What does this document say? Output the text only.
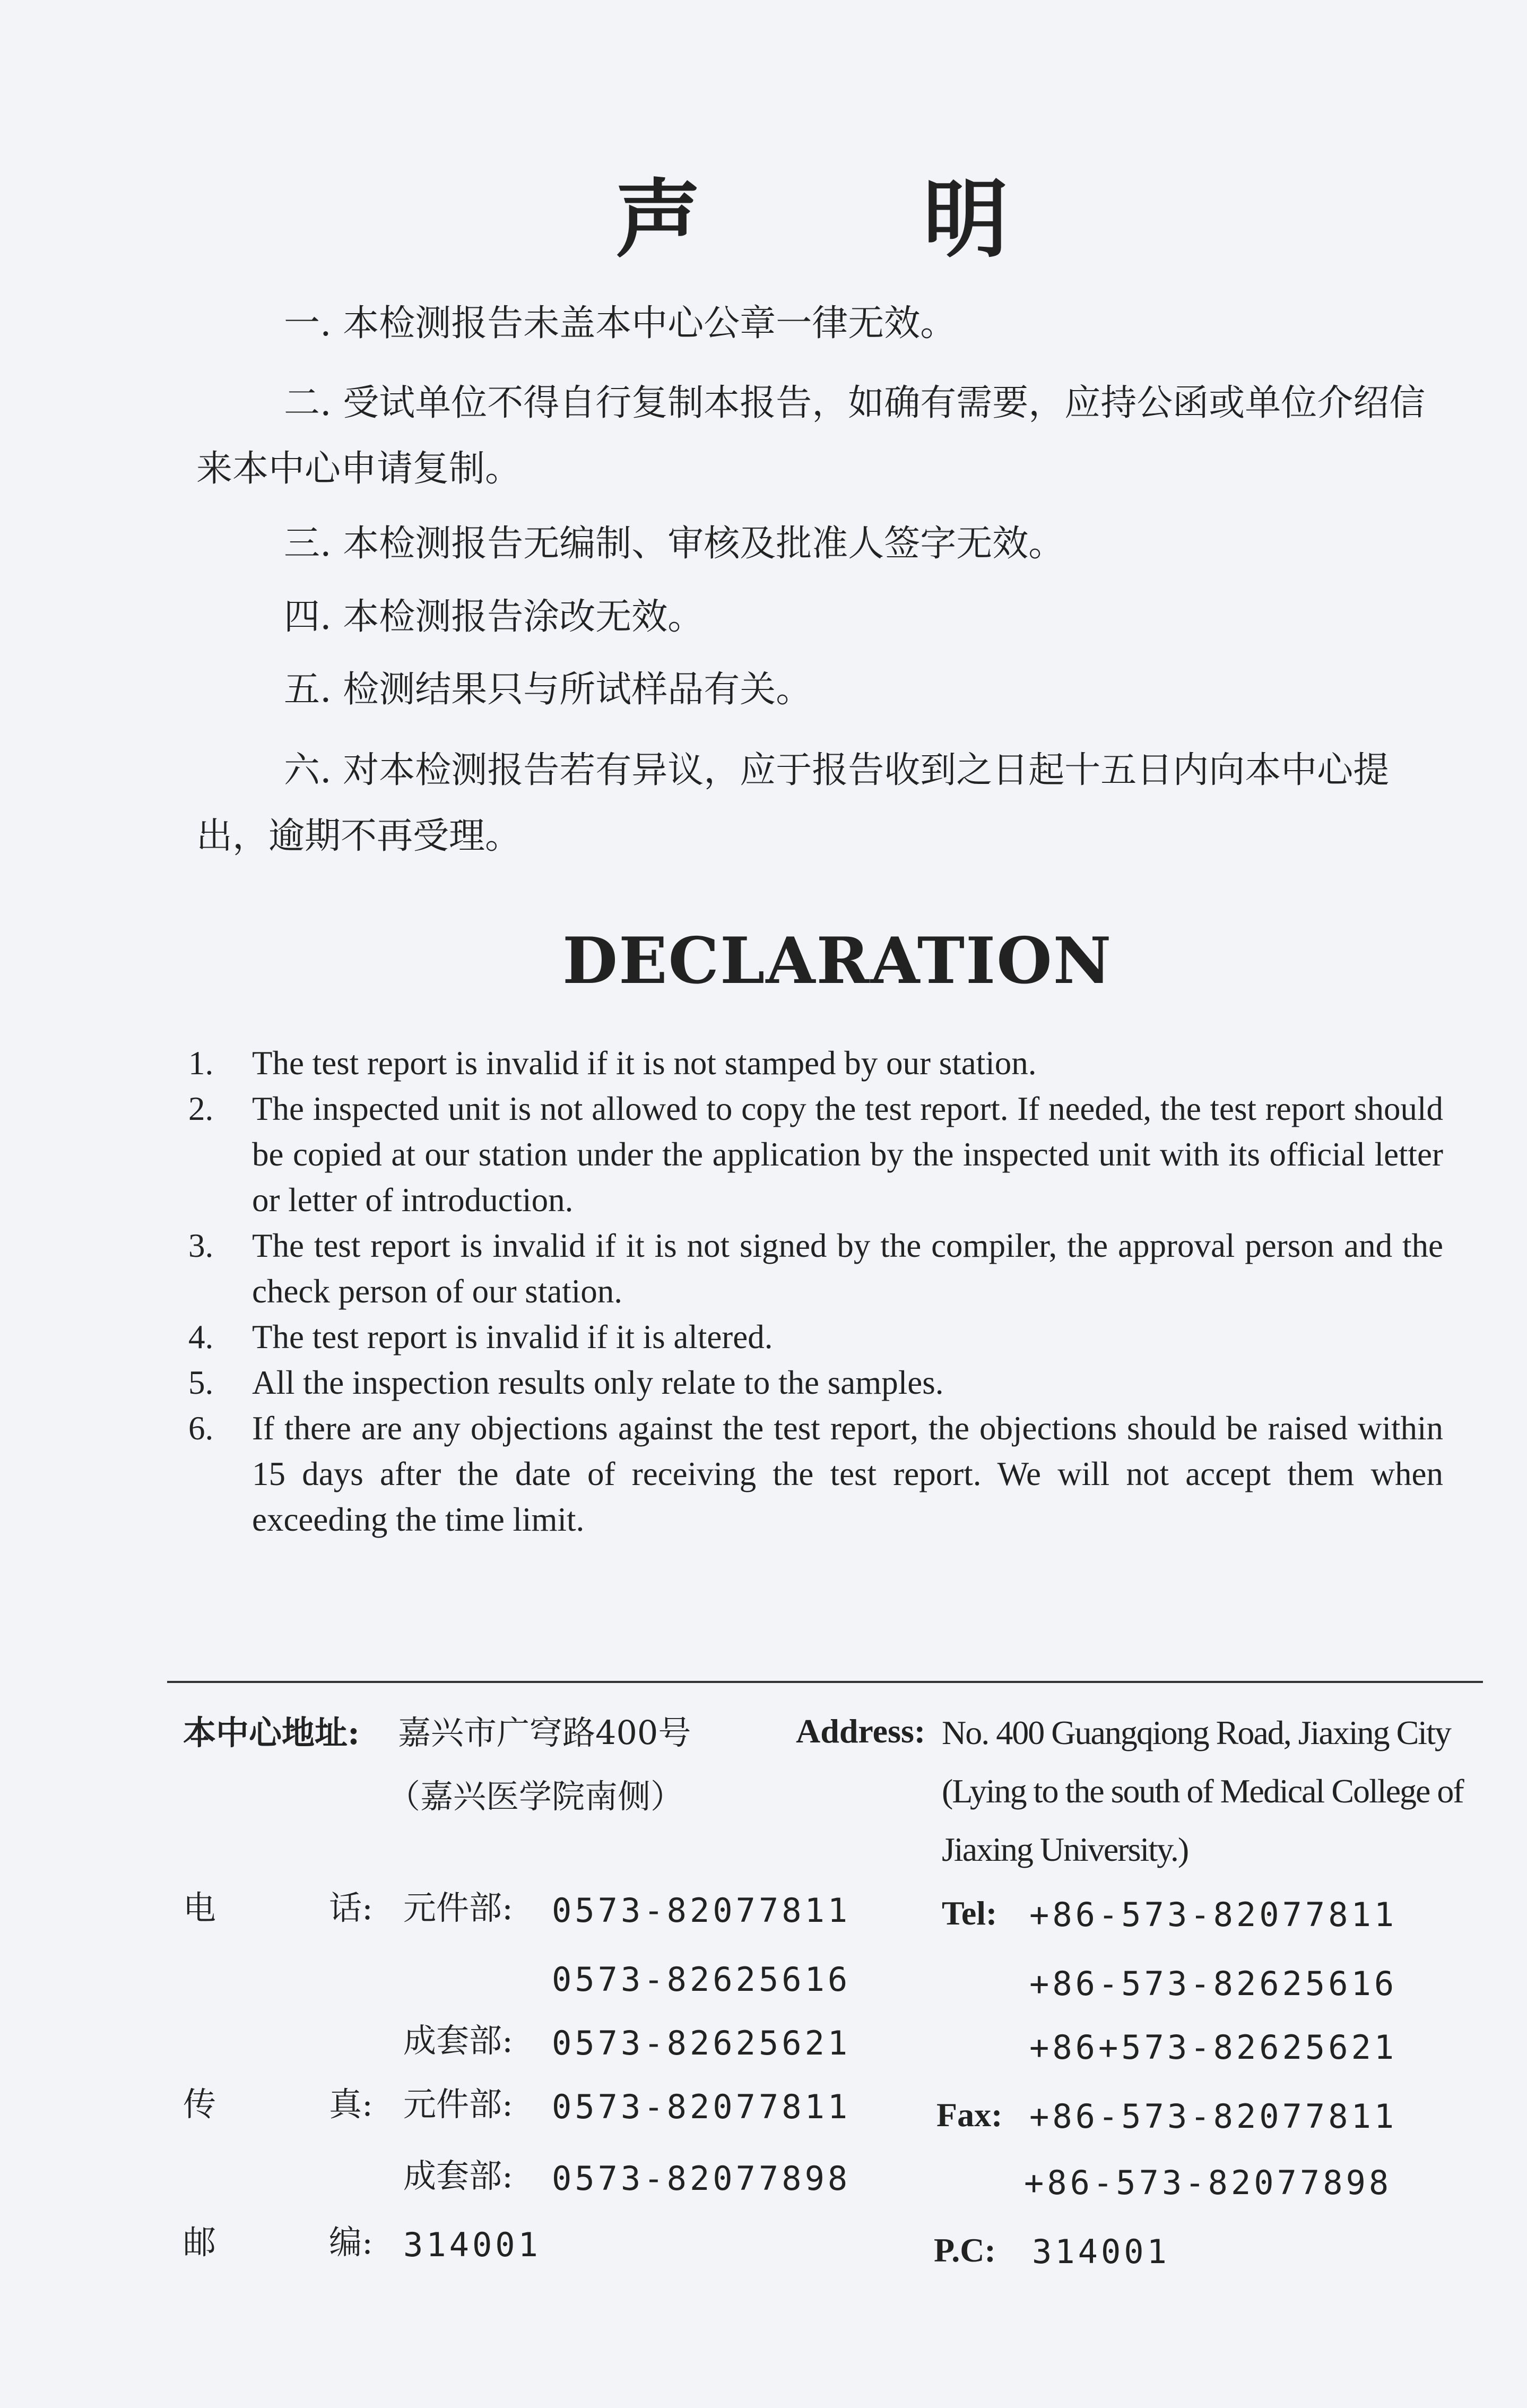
声	明
一. 本检测报告未盖本中心公章一律无效。
二. 受试单位不得自行复制本报告，如确有需要，应持公函或单位介绍信来本中心申请复制。
三. 本检测报告无编制、审核及批准人签字无效。
四. 本检测报告涂改无效。
五. 检测结果只与所试样品有关。
六. 对本检测报告若有异议，应于报告收到之日起十五日内向本中心提出，逾期不再受理。
DECLARATION
1. The test report is invalid if it is not stamped by our station.
2. The inspected unit is not allowed to copy the test report. If needed, the test report should be copied at our station under the application by the inspected unit with its official letter or letter of introduction.
3. The test report is invalid if it is not signed by the compiler, the approval person and the check person of our station.
4. The test report is invalid if it is altered.
5. All the inspection results only relate to the samples.
6. If there are any objections against the test report, the objections should be raised within 15 days after the date of receiving the test report. We will not accept them when exceeding the time limit.
本中心地址: 嘉兴市广穹路400号
（嘉兴医学院南侧）
电	话: 元件部: 0573-82077811
0573-82625616
成套部: 0573-82625621
传	真: 元件部: 0573-82077811
成套部: 0573-82077898
邮	编: 314001
Address: No. 400 Guangqiong Road, Jiaxing City
(Lying to the south of Medical College of
Jiaxing University.)
Tel: +86-573-82077811
+86-573-82625616
+86+573-82625621
Fax: +86-573-82077811
+86-573-82077898
P.C: 314001
